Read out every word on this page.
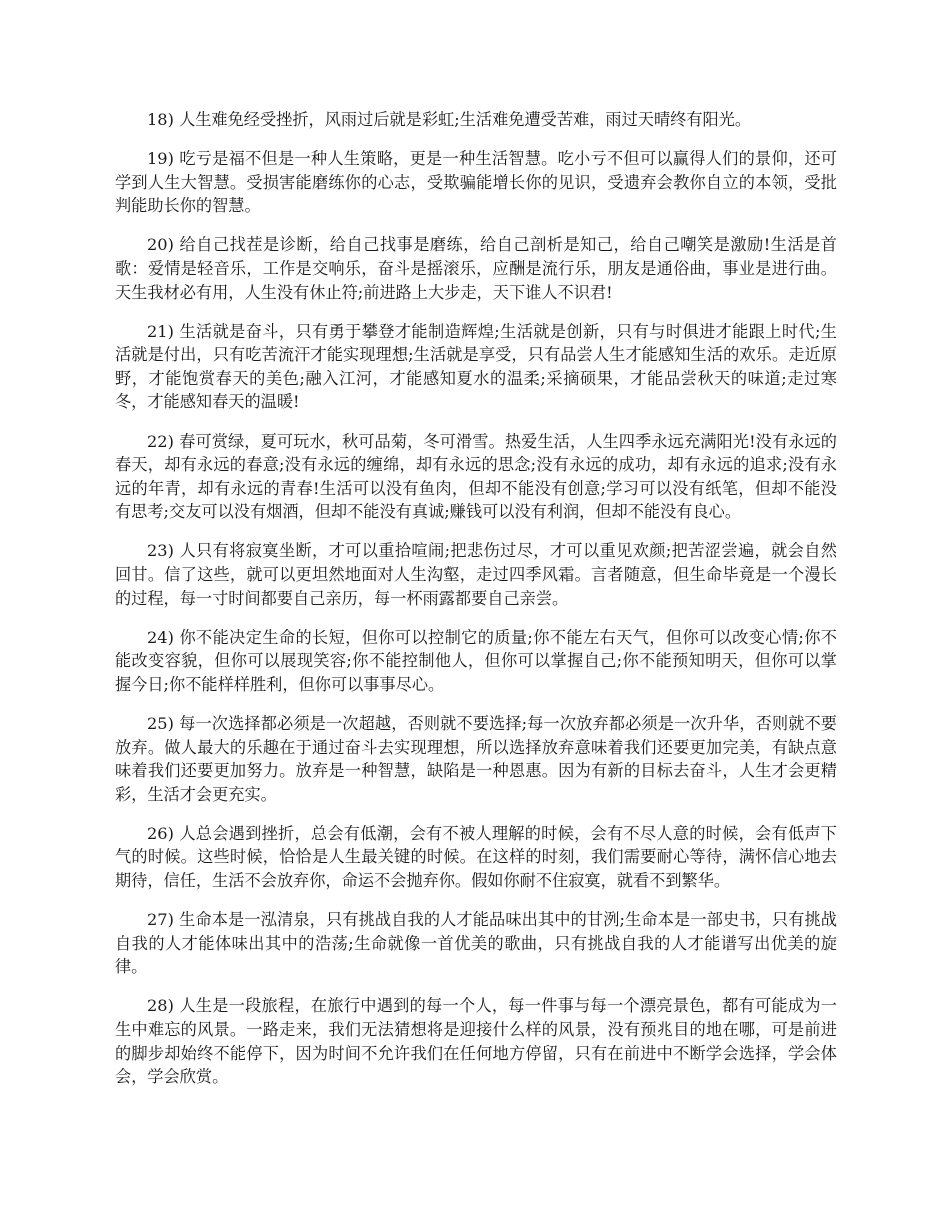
18) 人生难免经受挫折，风雨过后就是彩虹;生活难免遭受苦难，雨过天晴终有阳光。

19) 吃亏是福不但是一种人生策略，更是一种生活智慧。吃小亏不但可以赢得人们的景仰，还可学到人生大智慧。受损害能磨练你的心志，受欺骗能增长你的见识，受遗弃会教你自立的本领，受批判能助长你的智慧。

20) 给自己找茬是诊断，给自己找事是磨练，给自己剖析是知己，给自己嘲笑是激励!生活是首歌：爱情是轻音乐，工作是交响乐，奋斗是摇滚乐，应酬是流行乐，朋友是通俗曲，事业是进行曲。天生我材必有用，人生没有休止符;前进路上大步走，天下谁人不识君!

21) 生活就是奋斗，只有勇于攀登才能制造辉煌;生活就是创新，只有与时俱进才能跟上时代;生活就是付出，只有吃苦流汗才能实现理想;生活就是享受，只有品尝人生才能感知生活的欢乐。走近原野，才能饱赏春天的美色;融入江河，才能感知夏水的温柔;采摘硕果，才能品尝秋天的味道;走过寒冬，才能感知春天的温暖!

22) 春可赏绿，夏可玩水，秋可品菊，冬可滑雪。热爱生活，人生四季永远充满阳光!没有永远的春天，却有永远的春意;没有永远的缠绵，却有永远的思念;没有永远的成功，却有永远的追求;没有永远的年青，却有永远的青春!生活可以没有鱼肉，但却不能没有创意;学习可以没有纸笔，但却不能没有思考;交友可以没有烟酒，但却不能没有真诚;赚钱可以没有利润，但却不能没有良心。

23) 人只有将寂寞坐断，才可以重拾喧闹;把悲伤过尽，才可以重见欢颜;把苦涩尝遍，就会自然回甘。信了这些，就可以更坦然地面对人生沟壑，走过四季风霜。言者随意，但生命毕竟是一个漫长的过程，每一寸时间都要自己亲历，每一杯雨露都要自己亲尝。

24) 你不能决定生命的长短，但你可以控制它的质量;你不能左右天气，但你可以改变心情;你不能改变容貌，但你可以展现笑容;你不能控制他人，但你可以掌握自己;你不能预知明天，但你可以掌握今日;你不能样样胜利，但你可以事事尽心。

25) 每一次选择都必须是一次超越，否则就不要选择;每一次放弃都必须是一次升华，否则就不要放弃。做人最大的乐趣在于通过奋斗去实现理想，所以选择放弃意味着我们还要更加完美，有缺点意味着我们还要更加努力。放弃是一种智慧，缺陷是一种恩惠。因为有新的目标去奋斗，人生才会更精彩，生活才会更充实。

26) 人总会遇到挫折，总会有低潮，会有不被人理解的时候，会有不尽人意的时候，会有低声下气的时候。这些时候，恰恰是人生最关键的时候。在这样的时刻，我们需要耐心等待，满怀信心地去期待，信任，生活不会放弃你，命运不会抛弃你。假如你耐不住寂寞，就看不到繁华。

27) 生命本是一泓清泉，只有挑战自我的人才能品味出其中的甘洌;生命本是一部史书，只有挑战自我的人才能体味出其中的浩荡;生命就像一首优美的歌曲，只有挑战自我的人才能谱写出优美的旋律。

28) 人生是一段旅程，在旅行中遇到的每一个人，每一件事与每一个漂亮景色，都有可能成为一生中难忘的风景。一路走来，我们无法猜想将是迎接什么样的风景，没有预兆目的地在哪，可是前进的脚步却始终不能停下，因为时间不允许我们在任何地方停留，只有在前进中不断学会选择，学会体会，学会欣赏。
